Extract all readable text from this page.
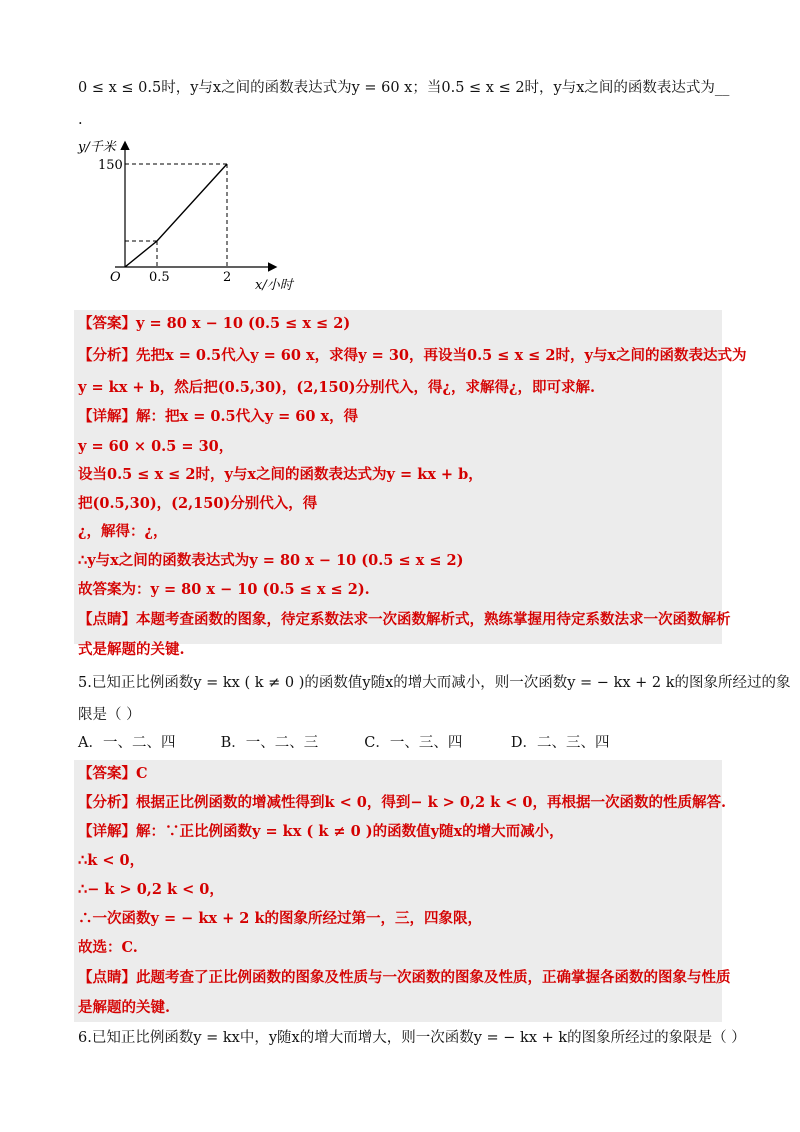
0 ≤ x ≤ 0.5时，y与x之间的函数表达式为y = 60 x；当0.5 ≤ x ≤ 2时，y与x之间的函数表达式为__
.
y/千米
150
O 0.5	2
x/小时
【答案】y = 80 x − 10 (0.5 ≤ x ≤ 2)
【分析】先把x = 0.5代入y = 60 x，求得y = 30，再设当0.5 ≤ x ≤ 2时，y与x之间的函数表达式为
y = kx + b，然后把(0.5,30)，(2,150)分别代入，得¿，求解得¿，即可求解.
【详解】解：把x = 0.5代入y = 60 x，得
y = 60 × 0.5 = 30，
设当0.5 ≤ x ≤ 2时，y与x之间的函数表达式为y = kx + b，
把(0.5,30)，(2,150)分别代入，得
¿，解得：¿，
∴y与x之间的函数表达式为y = 80 x − 10 (0.5 ≤ x ≤ 2)
故答案为：y = 80 x − 10 (0.5 ≤ x ≤ 2).
【点睛】本题考查函数的图象，待定系数法求一次函数解析式，熟练掌握用待定系数法求一次函数解析
式是解题的关键.
5.已知正比例函数y = kx ( k ≠ 0 )的函数值y随x的增大而减小，则一次函数y = − kx + 2 k的图象所经过的象
限是（ ）
A．一、二、四	B．一、二、三	C．一、三、四	D．二、三、四
【答案】C
【分析】根据正比例函数的增减性得到k < 0，得到− k > 0,2 k < 0，再根据一次函数的性质解答.
【详解】解：∵正比例函数y = kx ( k ≠ 0 )的函数值y随x的增大而减小，
∴k < 0，
∴− k > 0,2 k < 0，
∴一次函数y = − kx + 2 k的图象所经过第一，三，四象限，
故选：C.
【点睛】此题考查了正比例函数的图象及性质与一次函数的图象及性质，正确掌握各函数的图象与性质
是解题的关键.
6.已知正比例函数y = kx中，y随x的增大而增大，则一次函数y = − kx + k的图象所经过的象限是（ ）
